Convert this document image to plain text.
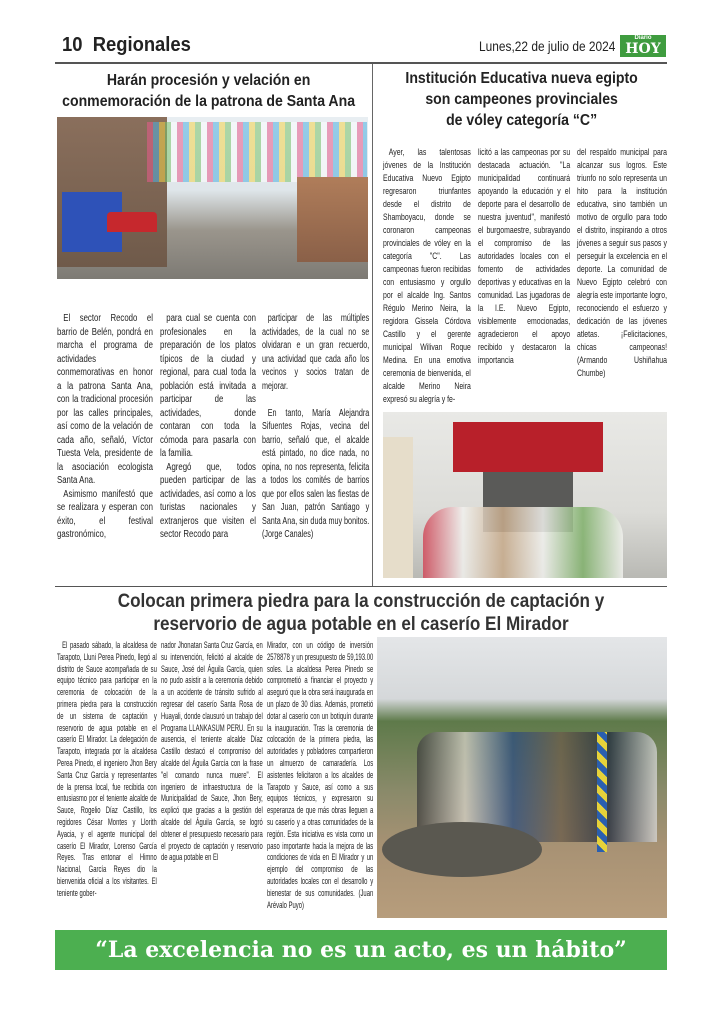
10 Regionales	Lunes,22 de julio de 2024	Diario
HOY
Harán procesión y velación en
conmemoración de la patrona de Santa Ana

El sector Recodo el barrio de Belén, pondrá en marcha el programa de actividades conmemorativas en honor a la patrona Santa Ana, con la tradicional procesión por las calles principales, así como de la velación de cada año, señaló, Víctor Tuesta Vela, presidente de la asociación ecologista Santa Ana.

Asimismo manifestó que se realizara y esperan con éxito, el festival gastronómico,

para cual se cuenta con profesionales en la preparación de los platos típicos de la ciudad y regional, para cual toda la población está invitada a participar de las actividades, donde contaran con toda la cómoda para pasarla con la familia.

Agregó que, todos pueden participar de las actividades, así como a los turistas nacionales y extranjeros que visiten el sector Recodo para

participar de las múltiples actividades, de la cual no se olvidaran e un gran recuerdo, una actividad que cada año los vecinos y socios tratan de mejorar.

En tanto, María Alejandra Sifuentes Rojas, vecina del barrio, señaló que, el alcalde está pintado, no dice nada, no opina, no nos representa, felicita a todos los comités de barrios que por ellos salen las fiestas de San Juan, patrón Santiago y Santa Ana, sin duda muy bonitos. (Jorge Canales)

Institución Educativa nueva egipto
son campeones provinciales
de vóley categoría “C”

Ayer, las talentosas jóvenes de la Institución Educativa Nuevo Egipto regresaron triunfantes desde el distrito de Shamboyacu, donde se coronaron campeonas provinciales de vóley en la categoría "C". Las campeonas fueron recibidas con entusiasmo y orgullo por el alcalde Ing. Santos Régulo Merino Neira, la regidora Gissela Córdova Castillo y el gerente municipal Wilivan Roque Medina. En una emotiva ceremonia de bienvenida, el alcalde Merino Neira expresó su alegría y fe-

licitó a las campeonas por su destacada actuación. "La municipalidad continuará apoyando la educación y el deporte para el desarrollo de nuestra juventud", manifestó el burgomaestre, subrayando el compromiso de las autoridades locales con el fomento de actividades deportivas y educativas en la comunidad. Las jugadoras de la I.E. Nuevo Egipto, visiblemente emocionadas, agradecieron el apoyo recibido y destacaron la importancia

del respaldo municipal para alcanzar sus logros. Este triunfo no solo representa un hito para la institución educativa, sino también un motivo de orgullo para todo el distrito, inspirando a otros jóvenes a seguir sus pasos y perseguir la excelencia en el deporte. La comunidad de Nuevo Egipto celebró con alegría este importante logro, reconociendo el esfuerzo y dedicación de las jóvenes atletas. ¡Felicitaciones, chicas campeonas! (Armando Ushiñahua Chumbe)

Colocan primera piedra para la construcción de captación y
reservorio de agua potable en el caserío El Mirador

El pasado sábado, la alcaldesa de Tarapoto, Lluni Perea Pinedo, llegó al distrito de Sauce acompañada de su equipo técnico para participar en la ceremonia de colocación de la primera piedra para la construcción de un sistema de captación y reservorio de agua potable en el caserío El Mirador. La delegación de Tarapoto, integrada por la alcaldesa Perea Pinedo, el ingeniero Jhon Bery Santa Cruz García y representantes de la prensa local, fue recibida con entusiasmo por el teniente alcalde de Sauce, Rogelio Díaz Castillo, los regidores César Montes y Llorith Ayacia, y el agente municipal del caserío El Mirador, Lorenso García Reyes. Tras entonar el Himno Nacional, García Reyes dio la bienvenida oficial a los visitantes. El teniente gober-

nador Jhonatan Santa Cruz García, en su intervención, felicitó al alcalde de Sauce, José del Águila García, quien no pudo asistir a la ceremonia debido a un accidente de tránsito sufrido al regresar del caserío Santa Rosa de Huayali, donde clausuró un trabajo del Programa LLANKASUM PERU. En su ausencia, el teniente alcalde Díaz Castillo destacó el compromiso del alcalde del Águila García con la frase "el comando nunca muere". El ingeniero de infraestructura de la Municipalidad de Sauce, Jhon Bery, explicó que gracias a la gestión del alcalde del Águila García, se logró obtener el presupuesto necesario para el proyecto de captación y reservorio de agua potable en El

Mirador, con un código de inversión 2578878 y un presupuesto de 59,193.00 soles. La alcaldesa Perea Pinedo se comprometió a financiar el proyecto y aseguró que la obra será inaugurada en un plazo de 30 días. Además, prometió dotar al caserío con un botiquín durante la inauguración. Tras la ceremonia de colocación de la primera piedra, las autoridades y pobladores compartieron un almuerzo de camaradería. Los asistentes felicitaron a los alcaldes de Tarapoto y Sauce, así como a sus equipos técnicos, y expresaron su esperanza de que más obras lleguen a su caserío y a otras comunidades de la región. Esta iniciativa es vista como un paso importante hacia la mejora de las condiciones de vida en El Mirador y un ejemplo del compromiso de las autoridades locales con el desarrollo y bienestar de sus comunidades. (Juan Arévalo Puyo)

“La excelencia no es un acto, es un hábito”
